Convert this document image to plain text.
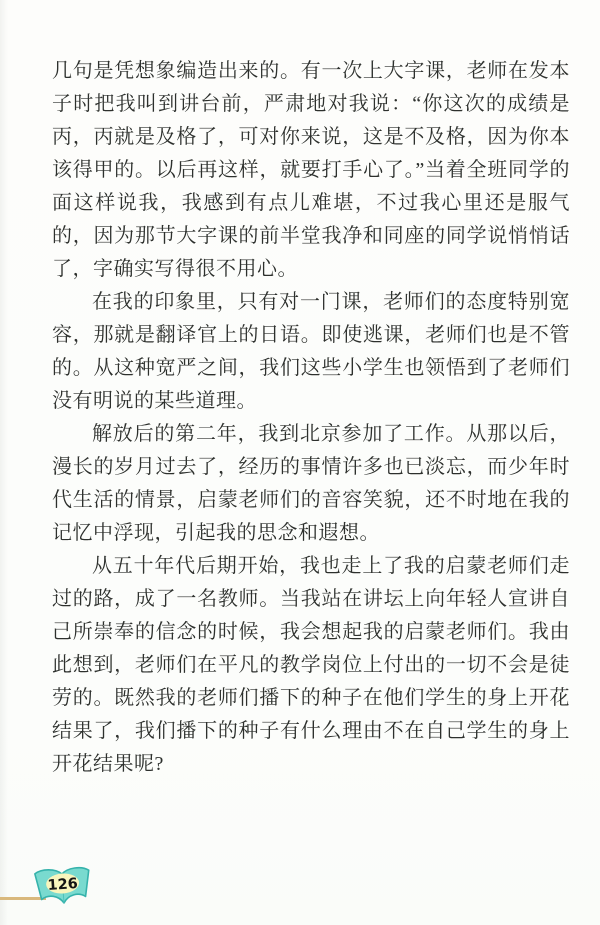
几句是凭想象编造出来的。有一次上大字课，老师在发本子时把我叫到讲台前，严肃地对我说：“你这次的成绩是丙，丙就是及格了，可对你来说，这是不及格，因为你本该得甲的。以后再这样，就要打手心了。”当着全班同学的面这样说我，我感到有点儿难堪，不过我心里还是服气的，因为那节大字课的前半堂我净和同座的同学说悄悄话了，字确实写得很不用心。

在我的印象里，只有对一门课，老师们的态度特别宽容，那就是翻译官上的日语。即使逃课，老师们也是不管的。从这种宽严之间，我们这些小学生也领悟到了老师们没有明说的某些道理。

解放后的第二年，我到北京参加了工作。从那以后，漫长的岁月过去了，经历的事情许多也已淡忘，而少年时代生活的情景，启蒙老师们的音容笑貌，还不时地在我的记忆中浮现，引起我的思念和遐想。

从五十年代后期开始，我也走上了我的启蒙老师们走过的路，成了一名教师。当我站在讲坛上向年轻人宣讲自己所崇奉的信念的时候，我会想起我的启蒙老师们。我由此想到，老师们在平凡的教学岗位上付出的一切不会是徒劳的。既然我的老师们播下的种子在他们学生的身上开花结果了，我们播下的种子有什么理由不在自己学生的身上开花结果呢?

126
